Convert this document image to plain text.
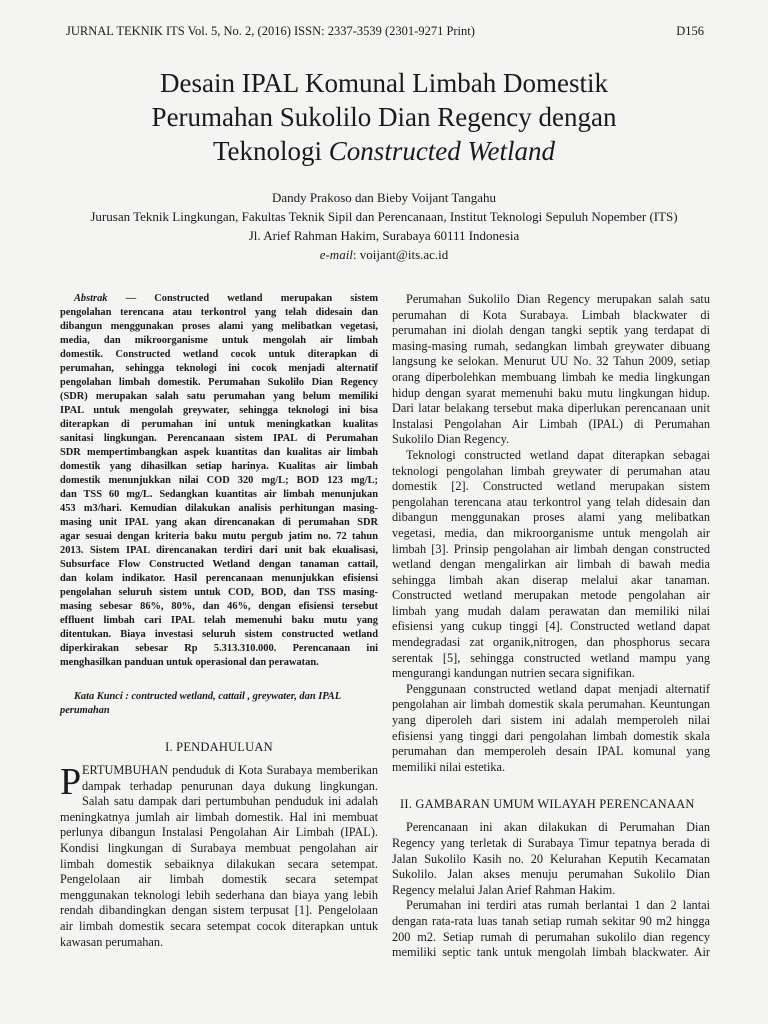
JURNAL TEKNIK ITS Vol. 5, No. 2, (2016) ISSN: 2337-3539 (2301-9271 Print)	D156
Desain IPAL Komunal Limbah Domestik
Perumahan Sukolilo Dian Regency dengan
Teknologi Constructed Wetland
Dandy Prakoso dan Bieby Voijant Tangahu
Jurusan Teknik Lingkungan, Fakultas Teknik Sipil dan Perencanaan, Institut Teknologi Sepuluh Nopember (ITS)
Jl. Arief Rahman Hakim, Surabaya 60111 Indonesia
e-mail: voijant@its.ac.id
Abstrak — Constructed wetland merupakan sistem
pengolahan terencana atau terkontrol yang telah didesain dan
dibangun menggunakan proses alami yang melibatkan vegetasi,
media, dan mikroorganisme untuk mengolah air limbah
domestik. Constructed wetland cocok untuk diterapkan di
perumahan, sehingga teknologi ini cocok menjadi alternatif
pengolahan limbah domestik. Perumahan Sukolilo Dian Regency
(SDR) merupakan salah satu perumahan yang belum memiliki
IPAL untuk mengolah greywater, sehingga teknologi ini bisa
diterapkan di perumahan ini untuk meningkatkan kualitas
sanitasi lingkungan. Perencanaan sistem IPAL di Perumahan
SDR mempertimbangkan aspek kuantitas dan kualitas air limbah
domestik yang dihasilkan setiap harinya. Kualitas air limbah
domestik menunjukkan nilai COD 320 mg/L; BOD 123 mg/L;
dan TSS 60 mg/L. Sedangkan kuantitas air limbah menunjukan
453 m3/hari. Kemudian dilakukan analisis perhitungan masing-
masing unit IPAL yang akan direncanakan di perumahan SDR
agar sesuai dengan kriteria baku mutu pergub jatim no. 72 tahun
2013. Sistem IPAL direncanakan terdiri dari unit bak ekualisasi,
Subsurface Flow Constructed Wetland dengan tanaman cattail,
dan kolam indikator. Hasil perencanaan menunjukkan efisiensi
pengolahan seluruh sistem untuk COD, BOD, dan TSS masing-
masing sebesar 86%, 80%, dan 46%, dengan efisiensi tersebut
effluent limbah cari IPAL telah memenuhi baku mutu yang
ditentukan. Biaya investasi seluruh sistem constructed wetland
diperkirakan sebesar Rp 5.313.310.000. Perencanaan ini
menghasilkan panduan untuk operasional dan perawatan.
Kata Kunci : contructed wetland, cattail , greywater, dan IPAL
perumahan
I. PENDAHULUAN
P ERTUMBUHAN penduduk di Kota Surabaya memberikan
dampak terhadap penurunan daya dukung lingkungan.
Salah satu dampak dari pertumbuhan penduduk ini adalah
meningkatnya jumlah air limbah domestik. Hal ini membuat
perlunya dibangun Instalasi Pengolahan Air Limbah (IPAL).
Kondisi lingkungan di Surabaya membuat pengolahan air
limbah domestik sebaiknya dilakukan secara setempat.
Pengelolaan air limbah domestik secara setempat
menggunakan teknologi lebih sederhana dan biaya yang lebih
rendah dibandingkan dengan sistem terpusat [1]. Pengelolaan
air limbah domestik secara setempat cocok diterapkan untuk
kawasan perumahan.
Perumahan Sukolilo Dian Regency merupakan salah satu
perumahan di Kota Surabaya. Limbah blackwater di
perumahan ini diolah dengan tangki septik yang terdapat di
masing-masing rumah, sedangkan limbah greywater dibuang
langsung ke selokan. Menurut UU No. 32 Tahun 2009, setiap
orang diperbolehkan membuang limbah ke media lingkungan
hidup dengan syarat memenuhi baku mutu lingkungan hidup.
Dari latar belakang tersebut maka diperlukan perencanaan unit
Instalasi Pengolahan Air Limbah (IPAL) di Perumahan
Sukolilo Dian Regency.
Teknologi constructed wetland dapat diterapkan sebagai
teknologi pengolahan limbah greywater di perumahan atau
domestik [2]. Constructed wetland merupakan sistem
pengolahan terencana atau terkontrol yang telah didesain dan
dibangun menggunakan proses alami yang melibatkan
vegetasi, media, dan mikroorganisme untuk mengolah air
limbah [3]. Prinsip pengolahan air limbah dengan constructed
wetland dengan mengalirkan air limbah di bawah media
sehingga limbah akan diserap melalui akar tanaman.
Constructed wetland merupakan metode pengolahan air
limbah yang mudah dalam perawatan dan memiliki nilai
efisiensi yang cukup tinggi [4]. Constructed wetland dapat
mendegradasi zat organik,nitrogen, dan phosphorus secara
serentak [5], sehingga constructed wetland mampu yang
mengurangi kandungan nutrien secara signifikan.
Penggunaan constructed wetland dapat menjadi alternatif
pengolahan air limbah domestik skala perumahan. Keuntungan
yang diperoleh dari sistem ini adalah memperoleh nilai
efisiensi yang tinggi dari pengolahan limbah domestik skala
perumahan dan memperoleh desain IPAL komunal yang
memiliki nilai estetika.
II. GAMBARAN UMUM WILAYAH PERENCANAAN
Perencanaan ini akan dilakukan di Perumahan Dian
Regency yang terletak di Surabaya Timur tepatnya berada di
Jalan Sukolilo Kasih no. 20 Kelurahan Keputih Kecamatan
Sukolilo. Jalan akses menuju perumahan Sukolilo Dian
Regency melalui Jalan Arief Rahman Hakim.
Perumahan ini terdiri atas rumah berlantai 1 dan 2 lantai
dengan rata-rata luas tanah setiap rumah sekitar 90 m2 hingga
200 m2. Setiap rumah di perumahan sukolilo dian regency
memiliki septic tank untuk mengolah limbah blackwater. Air
